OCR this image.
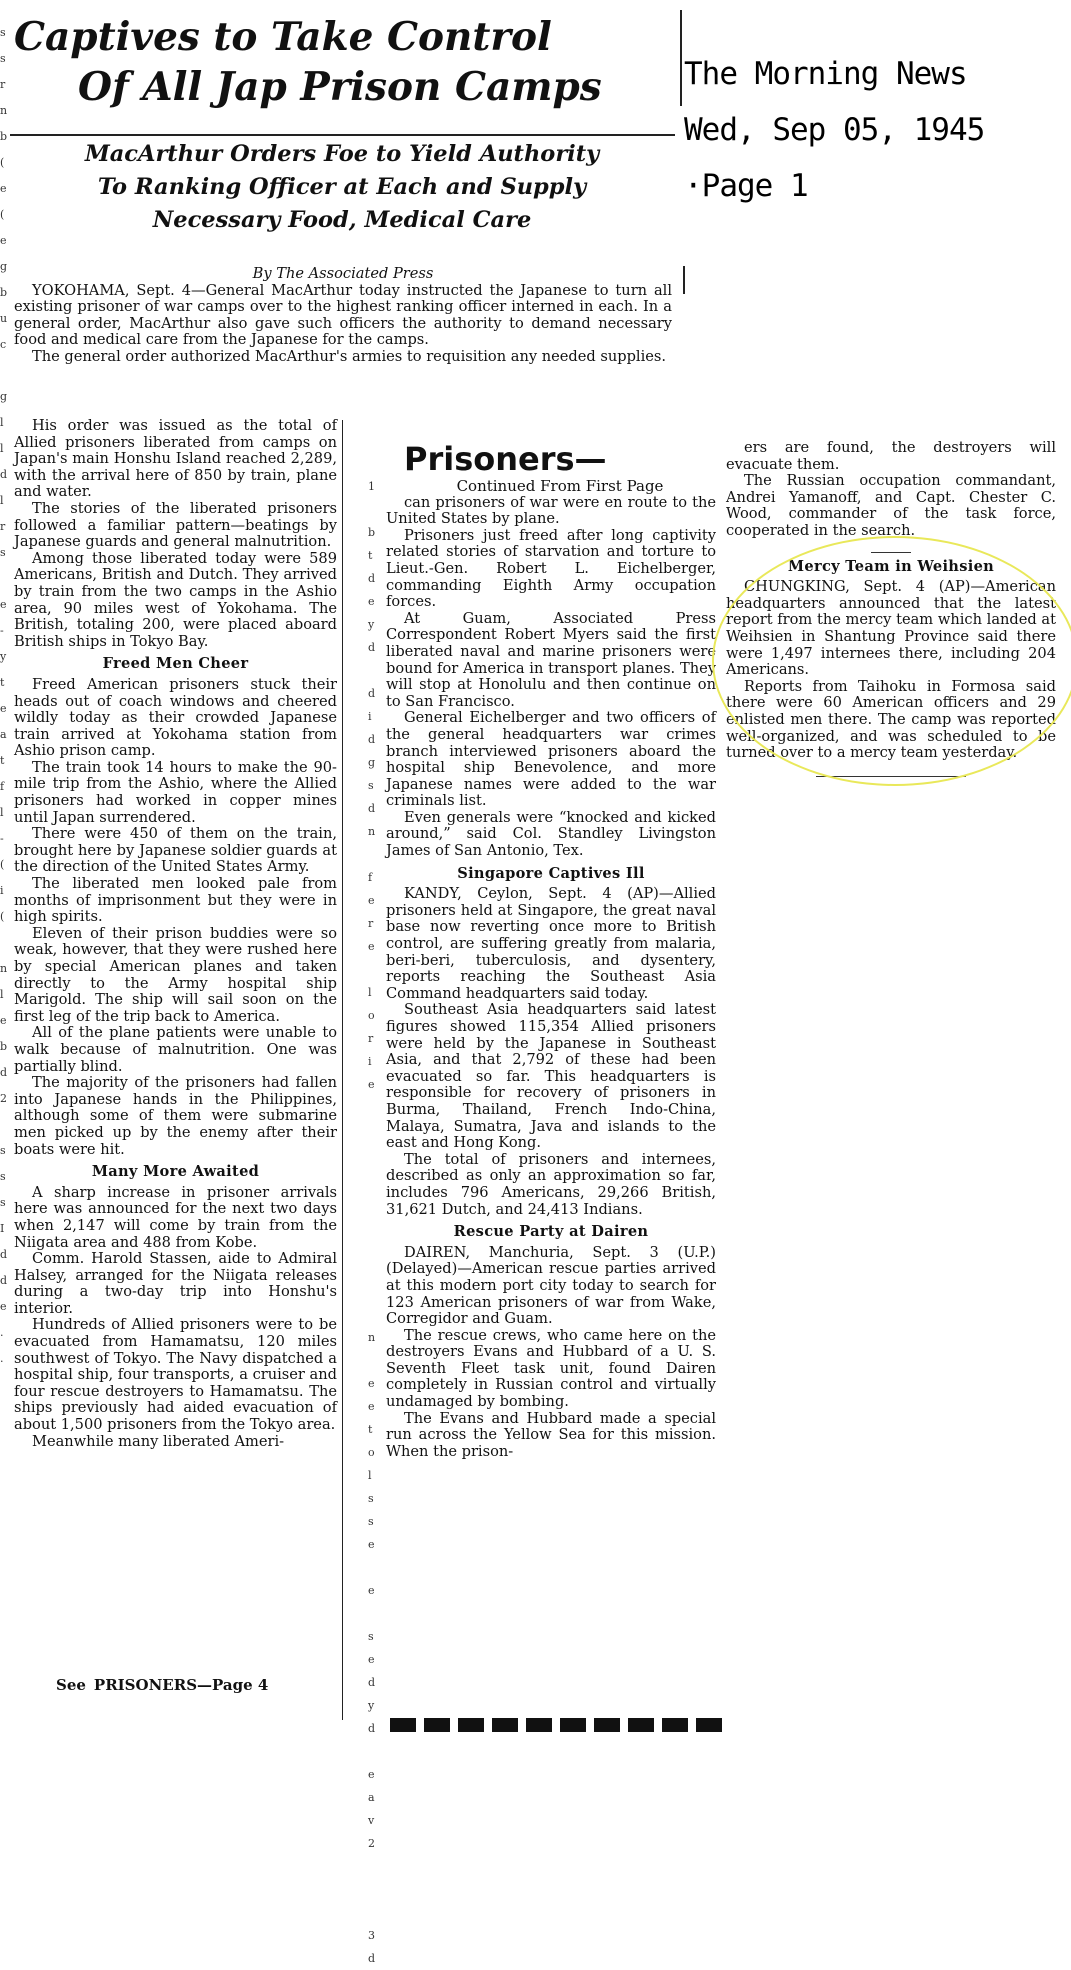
Captives to Take Control
Of All Jap Prison Camps
MacArthur Orders Foe to Yield Authority
To Ranking Officer at Each and Supply
Necessary Food, Medical Care
The Morning News
Wed, Sep 05, 1945 ·Page 1
s
s
r
n
b
(
e
(
e
g
b
u
c

g
l
l
d
l
r
s

e
-
y
t
e
a
t
f
l
-
(
i
(

n
l
e
b
d
2

s
s
s
I
d
d
e
.
.
1

b
t
d
e
y
d

d
i
d
g
s
d
n

f
e
r
e

l
o
r
i
e

n

e
e
t
o
l
s
s
e

e

s
e
d
y
d

e
a
v
2

3
d

By The Associated Press

YOKOHAMA, Sept. 4—General MacArthur today instructed the Japanese to turn all existing prisoner of war camps over to the highest ranking officer interned in each. In a general order, MacArthur also gave such officers the authority to demand necessary food and medical care from the Japanese for the camps.

The general order authorized MacArthur's armies to requisition any needed supplies.

His order was issued as the total of Allied prisoners liberated from camps on Japan's main Honshu Island reached 2,289, with the arrival here of 850 by train, plane and water.

The stories of the liberated prisoners followed a familiar pattern—beatings by Japanese guards and general malnutrition.

Among those liberated today were 589 Americans, British and Dutch. They arrived by train from the two camps in the Ashio area, 90 miles west of Yokohama. The British, totaling 200, were placed aboard British ships in Tokyo Bay.

Freed Men Cheer

Freed American prisoners stuck their heads out of coach windows and cheered wildly today as their crowded Japanese train arrived at Yokohama station from Ashio prison camp.

The train took 14 hours to make the 90-mile trip from the Ashio, where the Allied prisoners had worked in copper mines until Japan surrendered.

There were 450 of them on the train, brought here by Japanese soldier guards at the direction of the United States Army.

The liberated men looked pale from months of imprisonment but they were in high spirits.

Eleven of their prison buddies were so weak, however, that they were rushed here by special American planes and taken directly to the Army hospital ship Marigold. The ship will sail soon on the first leg of the trip back to America.

All of the plane patients were unable to walk because of malnutrition. One was partially blind.

The majority of the prisoners had fallen into Japanese hands in the Philippines, although some of them were submarine men picked up by the enemy after their boats were hit.

Many More Awaited

A sharp increase in prisoner arrivals here was announced for the next two days when 2,147 will come by train from the Niigata area and 488 from Kobe.

Comm. Harold Stassen, aide to Admiral Halsey, arranged for the Niigata releases during a two-day trip into Honshu's interior.

Hundreds of Allied prisoners were to be evacuated from Hamamatsu, 120 miles southwest of Tokyo. The Navy dispatched a hospital ship, four transports, a cruiser and four rescue destroyers to Hamamatsu. The ships previously had aided evacuation of about 1,500 prisoners from the Tokyo area.

Meanwhile many liberated Ameri-

See PRISONERS—Page 4

Prisoners—

Continued From First Page

can prisoners of war were en route to the United States by plane.

Prisoners just freed after long captivity related stories of starvation and torture to Lieut.-Gen. Robert L. Eichelberger, commanding Eighth Army occupation forces.

At Guam, Associated Press Correspondent Robert Myers said the first liberated naval and marine prisoners were bound for America in transport planes. They will stop at Honolulu and then continue on to San Francisco.

General Eichelberger and two officers of the general headquarters war crimes branch interviewed prisoners aboard the hospital ship Benevolence, and more Japanese names were added to the war criminals list.

Even generals were “knocked and kicked around,” said Col. Standley Livingston James of San Antonio, Tex.

Singapore Captives Ill

KANDY, Ceylon, Sept. 4 (AP)—Allied prisoners held at Singapore, the great naval base now reverting once more to British control, are suffering greatly from malaria, beri-beri, tuberculosis, and dysentery, reports reaching the Southeast Asia Command headquarters said today.

Southeast Asia headquarters said latest figures showed 115,354 Allied prisoners were held by the Japanese in Southeast Asia, and that 2,792 of these had been evacuated so far. This headquarters is responsible for recovery of prisoners in Burma, Thailand, French Indo-China, Malaya, Sumatra, Java and islands to the east and Hong Kong.

The total of prisoners and internees, described as only an approximation so far, includes 796 Americans, 29,266 British, 31,621 Dutch, and 24,413 Indians.

Rescue Party at Dairen

DAIREN, Manchuria, Sept. 3 (U.P.) (Delayed)—American rescue parties arrived at this modern port city today to search for 123 American prisoners of war from Wake, Corregidor and Guam.

The rescue crews, who came here on the destroyers Evans and Hubbard of a U. S. Seventh Fleet task unit, found Dairen completely in Russian control and virtually undamaged by bombing.

The Evans and Hubbard made a special run across the Yellow Sea for this mission. When the prison-

ers are found, the destroyers will evacuate them.

The Russian occupation commandant, Andrei Yamanoff, and Capt. Chester C. Wood, commander of the task force, cooperated in the search.

Mercy Team in Weihsien

CHUNGKING, Sept. 4 (AP)—American headquarters announced that the latest report from the mercy team which landed at Weihsien in Shantung Province said there were 1,497 internees there, including 204 Americans.

Reports from Taihoku in Formosa said there were 60 American officers and 29 enlisted men there. The camp was reported well-organized, and was scheduled to be turned over to a mercy team yesterday.
